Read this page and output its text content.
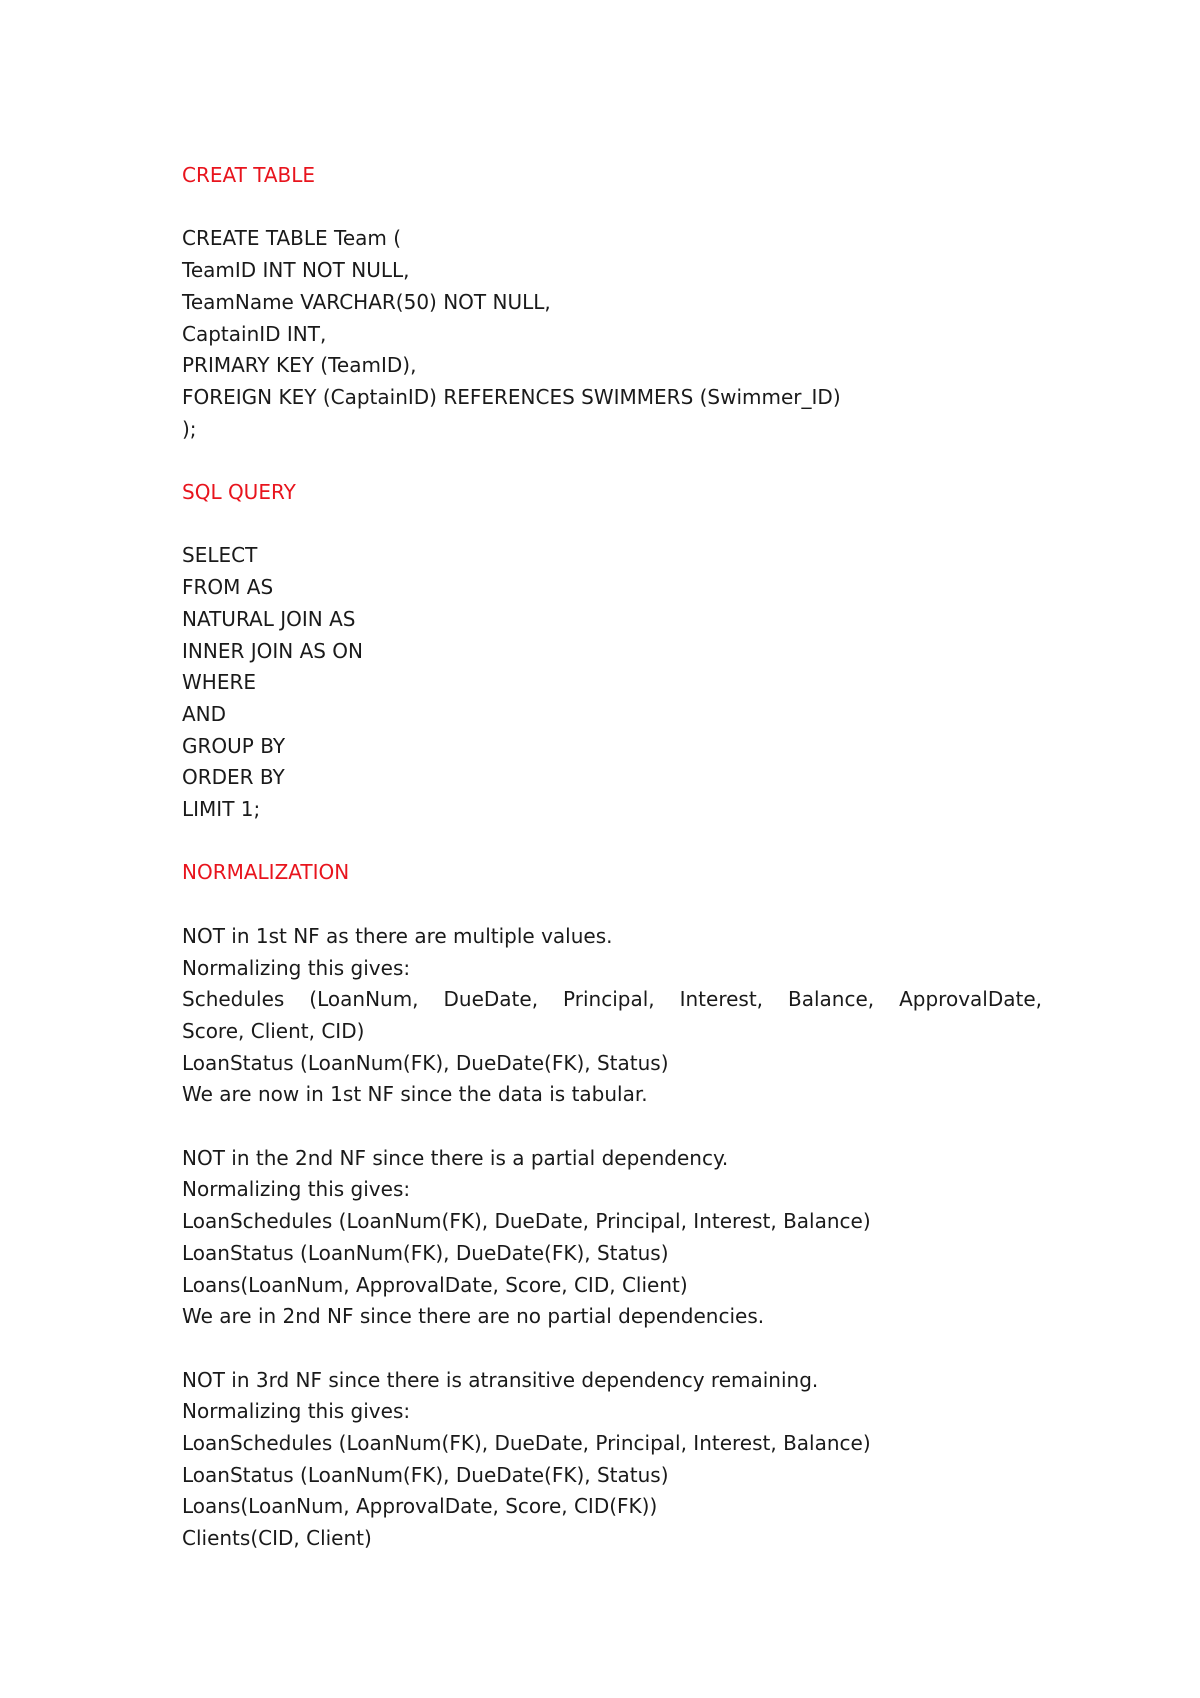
CREAT TABLE
CREATE TABLE Team (
TeamID INT NOT NULL,
TeamName VARCHAR(50) NOT NULL,
CaptainID INT,
PRIMARY KEY (TeamID),
FOREIGN KEY (CaptainID) REFERENCES SWIMMERS (Swimmer_ID)
);
SQL QUERY
SELECT
FROM AS
NATURAL JOIN AS
INNER JOIN AS ON
WHERE
AND
GROUP BY
ORDER BY
LIMIT 1;
NORMALIZATION
NOT in 1st NF as there are multiple values.
Normalizing this gives:
Schedules (LoanNum, DueDate, Principal, Interest, Balance, ApprovalDate,
Score, Client, CID)
LoanStatus (LoanNum(FK), DueDate(FK), Status)
We are now in 1st NF since the data is tabular.
NOT in the 2nd NF since there is a partial dependency.
Normalizing this gives:
LoanSchedules (LoanNum(FK), DueDate, Principal, Interest, Balance)
LoanStatus (LoanNum(FK), DueDate(FK), Status)
Loans(LoanNum, ApprovalDate, Score, CID, Client)
We are in 2nd NF since there are no partial dependencies.
NOT in 3rd NF since there is atransitive dependency remaining.
Normalizing this gives:
LoanSchedules (LoanNum(FK), DueDate, Principal, Interest, Balance)
LoanStatus (LoanNum(FK), DueDate(FK), Status)
Loans(LoanNum, ApprovalDate, Score, CID(FK))
Clients(CID, Client)
